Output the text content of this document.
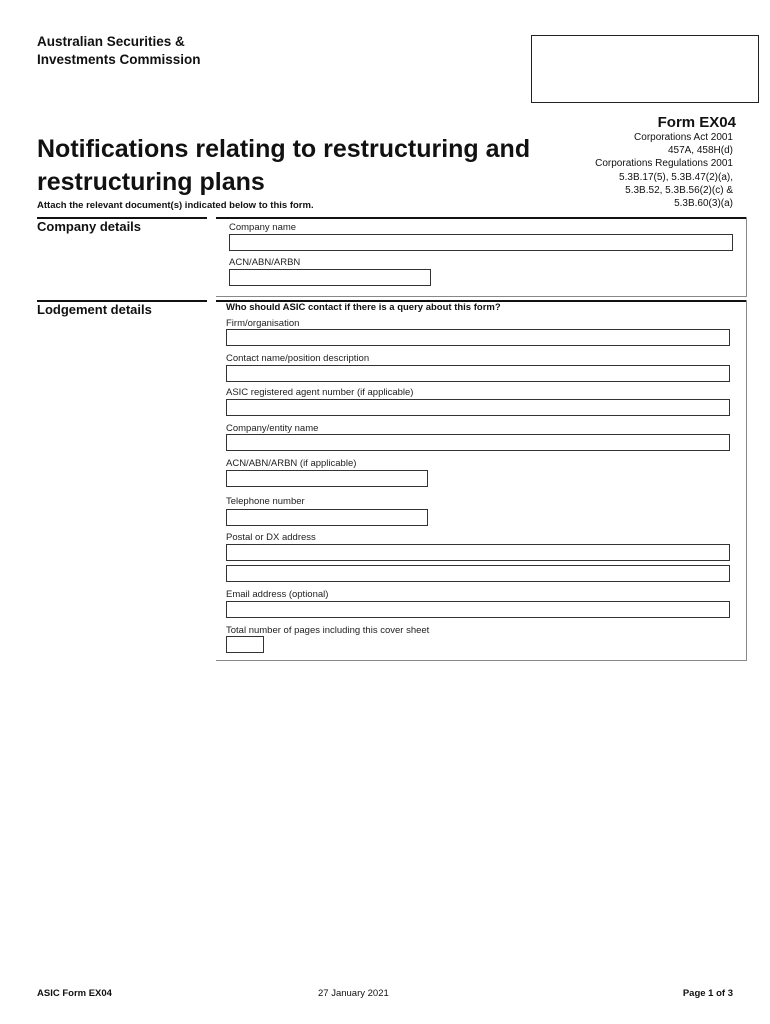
Australian Securities &
Investments Commission
Form EX04
Corporations Act 2001
457A, 458H(d)
Corporations Regulations 2001
5.3B.17(5), 5.3B.47(2)(a),
5.3B.52, 5.3B.56(2)(c) &
5.3B.60(3)(a)
Notifications relating to restructuring and
restructuring plans
Attach the relevant document(s) indicated below to this form.
Company details	Company name
ACN/ABN/ARBN
Lodgement details	Who should ASIC contact if there is a query about this form?
Firm/organisation
Contact name/position description
ASIC registered agent number (if applicable)
Company/entity name
ACN/ABN/ARBN (if applicable)
Telephone number
Postal or DX address
Email address (optional)
Total number of pages including this cover sheet
ASIC Form EX04	27 January 2021	Page 1 of 3
